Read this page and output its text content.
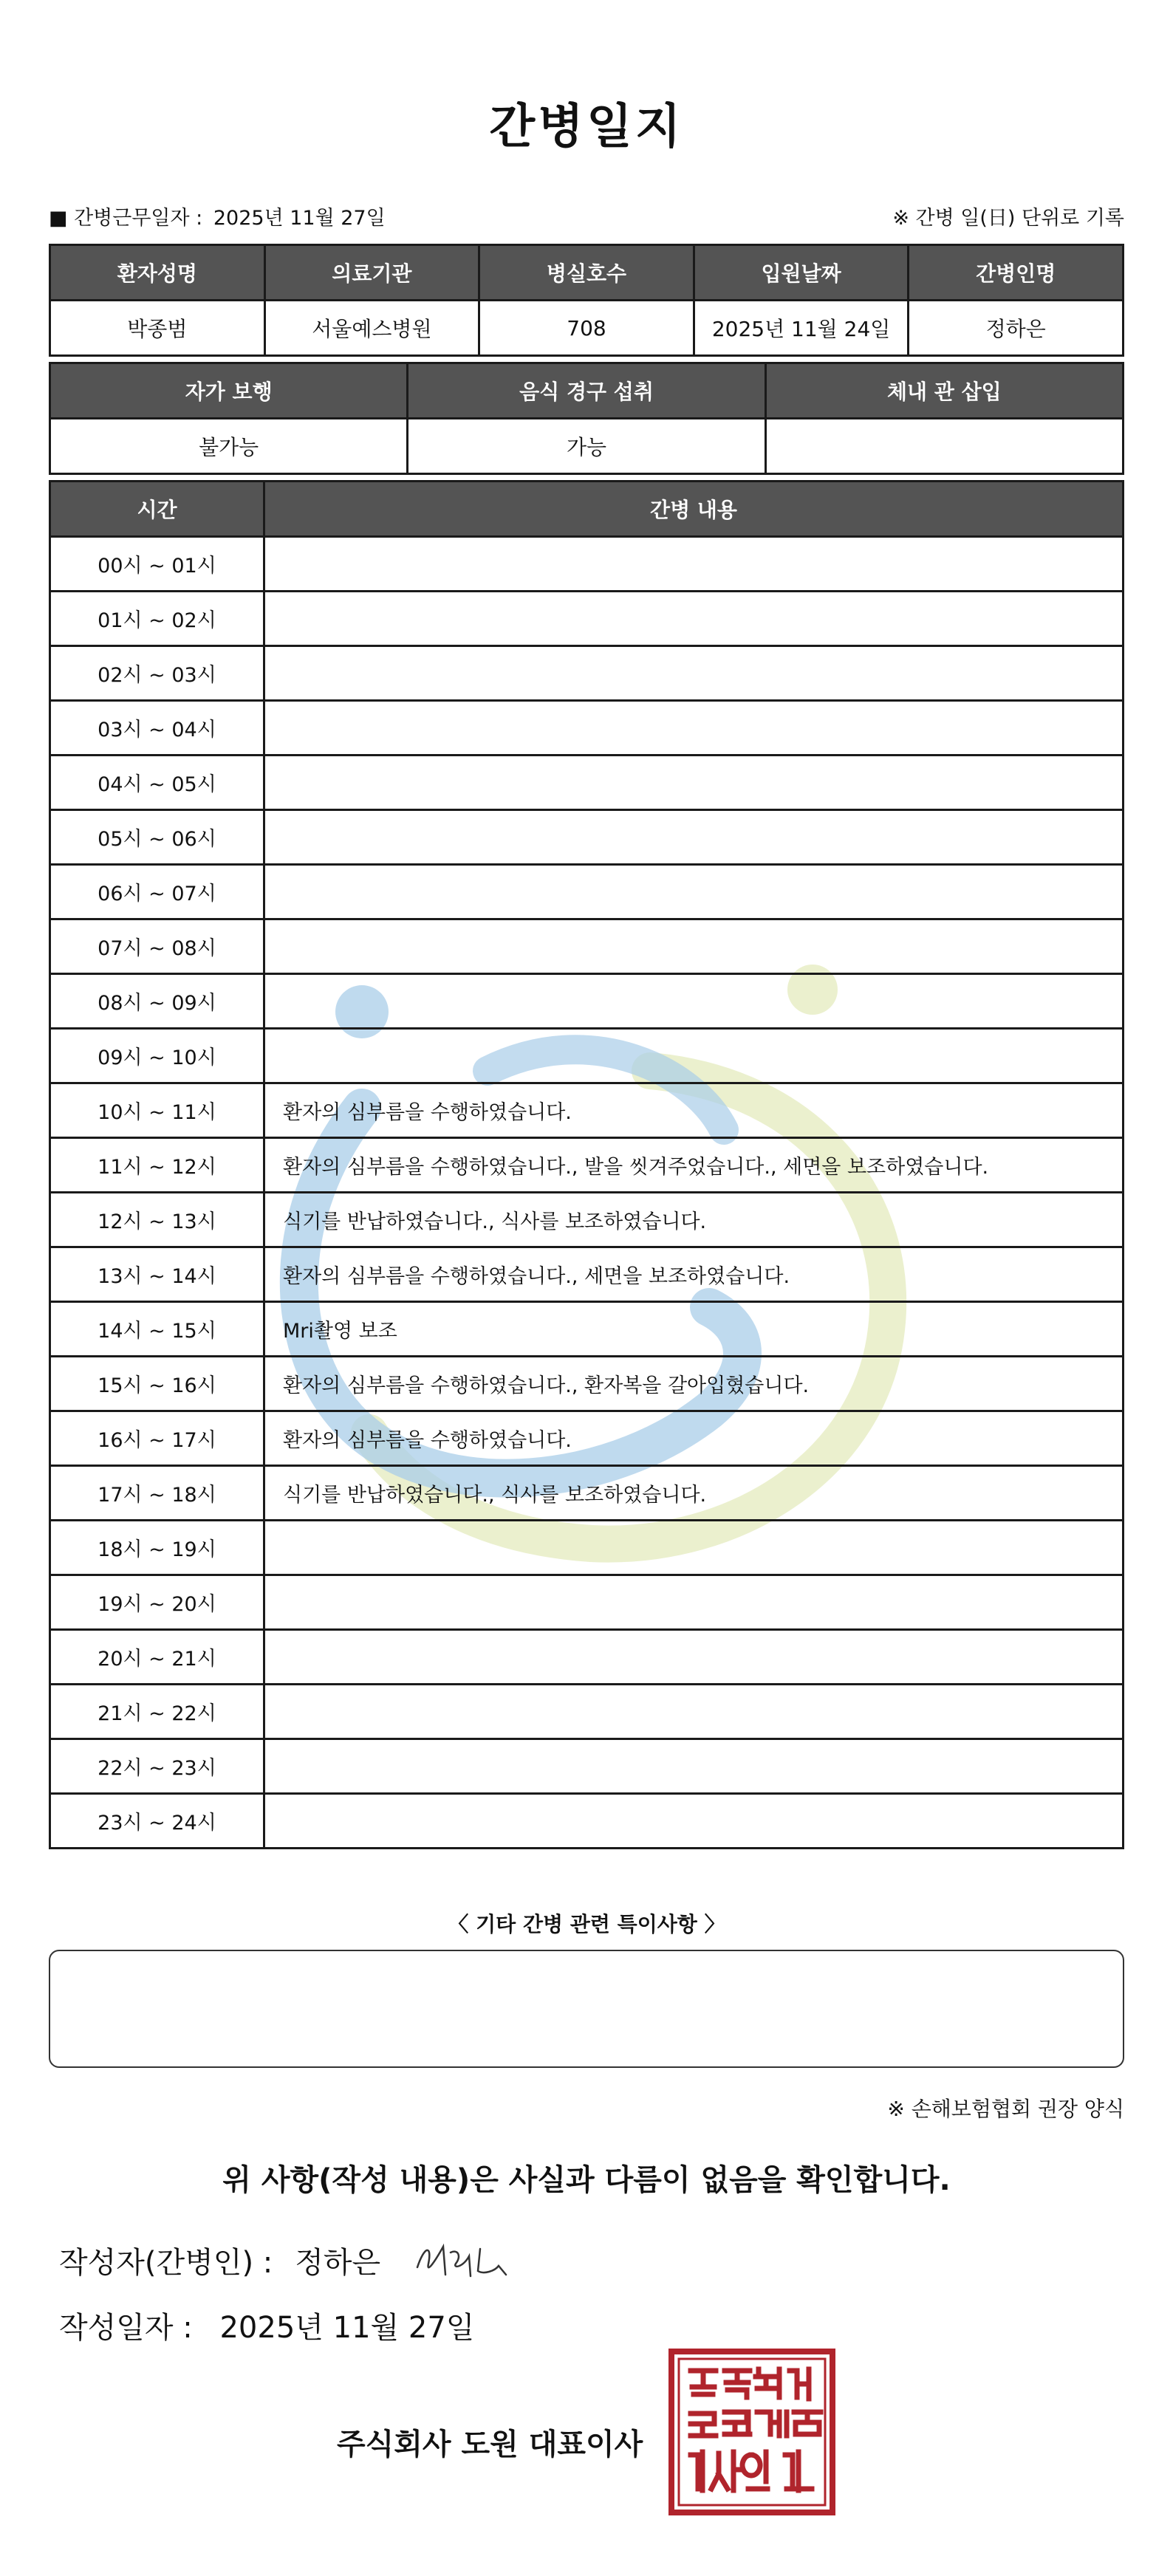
간병일지
■ 간병근무일자 : 2025년 11월 27일	※ 간병 일(日) 단위로 기록
환자성명	의료기관	병실호수	입원날짜	간병인명
박종범	서울예스병원	708	2025년 11월 24일	정하은
자가 보행	음식 경구 섭취	체내 관 삽입
불가능	가능	
시간	간병 내용
00시 ~ 01시	
01시 ~ 02시	
02시 ~ 03시	
03시 ~ 04시	
04시 ~ 05시	
05시 ~ 06시	
06시 ~ 07시	
07시 ~ 08시	
08시 ~ 09시	
09시 ~ 10시	
10시 ~ 11시	환자의 심부름을 수행하였습니다.
11시 ~ 12시	환자의 심부름을 수행하였습니다., 발을 씻겨주었습니다., 세면을 보조하였습니다.
12시 ~ 13시	식기를 반납하였습니다., 식사를 보조하였습니다.
13시 ~ 14시	환자의 심부름을 수행하였습니다., 세면을 보조하였습니다.
14시 ~ 15시	Mri촬영 보조
15시 ~ 16시	환자의 심부름을 수행하였습니다., 환자복을 갈아입혔습니다.
16시 ~ 17시	환자의 심부름을 수행하였습니다.
17시 ~ 18시	식기를 반납하였습니다., 식사를 보조하였습니다.
18시 ~ 19시	
19시 ~ 20시	
20시 ~ 21시	
21시 ~ 22시	
22시 ~ 23시	
23시 ~ 24시	
〈 기타 간병 관련 특이사항 〉
※ 손해보험협회 권장 양식
위 사항(작성 내용)은 사실과 다름이 없음을 확인합니다.
작성자(간병인) : 정하은
작성일자 : 2025년 11월 27일
주식회사 도원 대표이사
